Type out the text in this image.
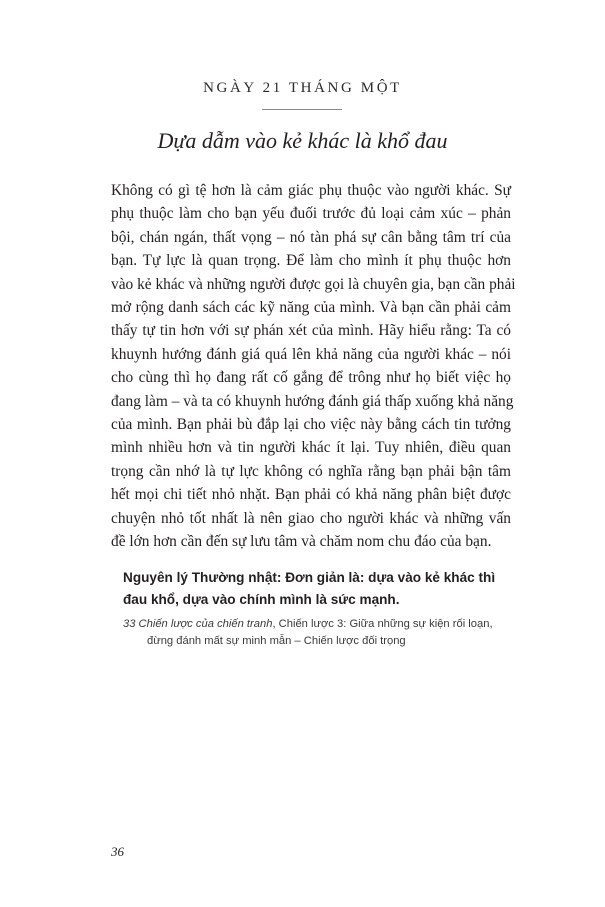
NGÀY 21 THÁNG MỘT
Dựa dẫm vào kẻ khác là khổ đau
Không có gì tệ hơn là cảm giác phụ thuộc vào người khác. Sự
phụ thuộc làm cho bạn yếu đuối trước đủ loại cảm xúc – phản
bội, chán ngán, thất vọng – nó tàn phá sự cân bằng tâm trí của
bạn. Tự lực là quan trọng. Để làm cho mình ít phụ thuộc hơn
vào kẻ khác và những người được gọi là chuyên gia, bạn cần phải
mở rộng danh sách các kỹ năng của mình. Và bạn cần phải cảm
thấy tự tin hơn với sự phán xét của mình. Hãy hiểu rằng: Ta có
khuynh hướng đánh giá quá lên khả năng của người khác – nói
cho cùng thì họ đang rất cố gắng để trông như họ biết việc họ
đang làm – và ta có khuynh hướng đánh giá thấp xuống khả năng
của mình. Bạn phải bù đắp lại cho việc này bằng cách tin tưởng
mình nhiều hơn và tin người khác ít lại. Tuy nhiên, điều quan
trọng cần nhớ là tự lực không có nghĩa rằng bạn phải bận tâm
hết mọi chi tiết nhỏ nhặt. Bạn phải có khả năng phân biệt được
chuyện nhỏ tốt nhất là nên giao cho người khác và những vấn
đề lớn hơn cần đến sự lưu tâm và chăm nom chu đáo của bạn.
Nguyên lý Thường nhật: Đơn giản là: dựa vào kẻ khác thì
đau khổ, dựa vào chính mình là sức mạnh.
33 Chiến lược của chiến tranh, Chiến lược 3: Giữa những sự kiện rối loạn,
đừng đánh mất sự minh mẫn – Chiến lược đối trọng
36
